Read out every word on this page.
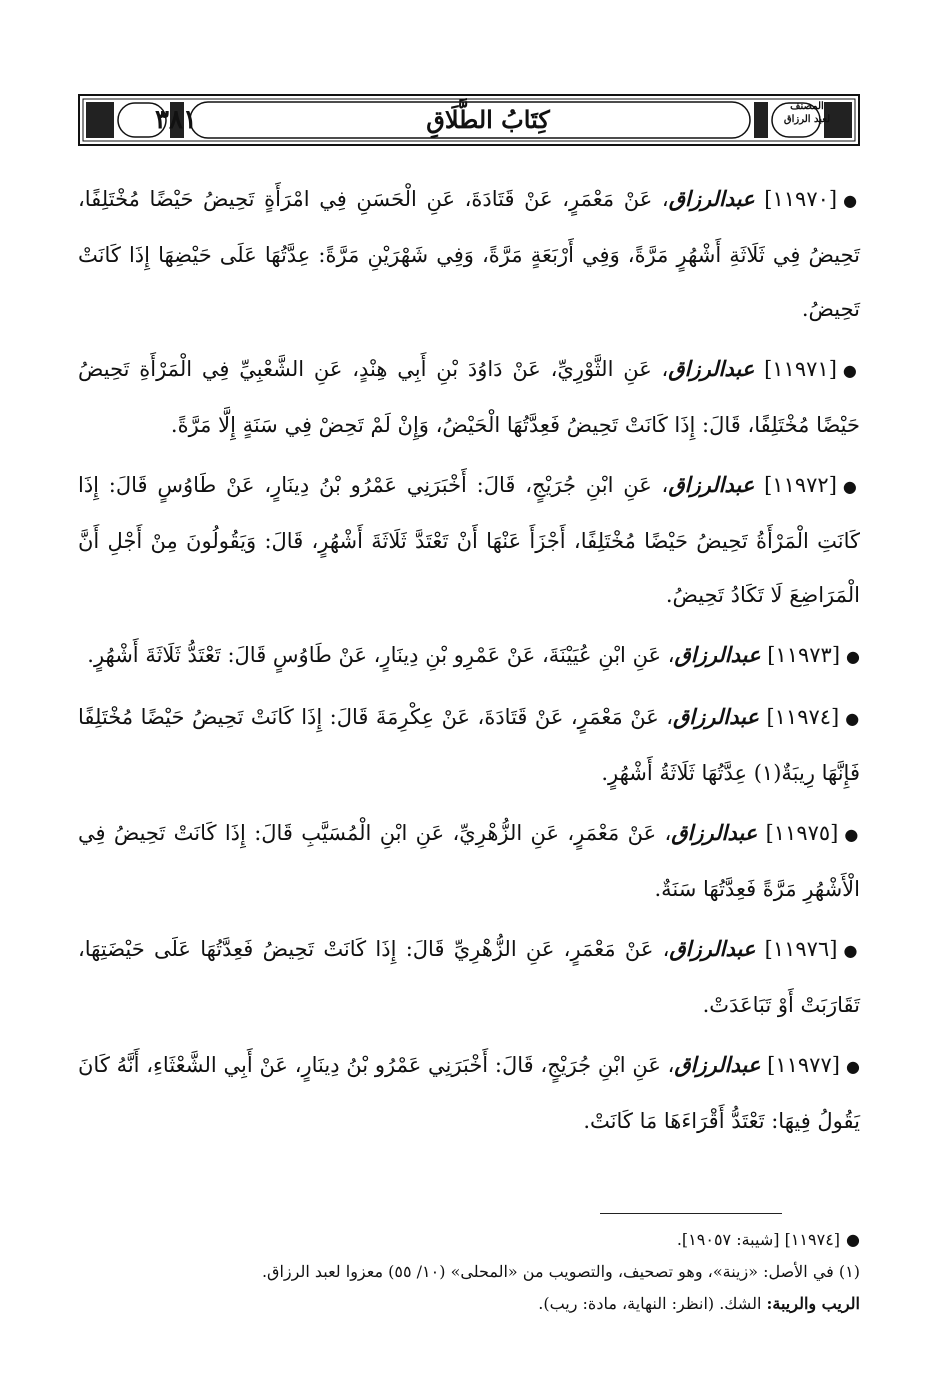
٣٨١	كِتَابُ الطَّلَاقِ	المصنف
لعبد الرزاق

●[١١٩٧٠] عبدالرزاق، عَنْ مَعْمَرٍ، عَنْ قَتَادَةَ، عَنِ الْحَسَنِ فِي امْرَأَةٍ تَحِيضُ حَيْضًا مُخْتَلِفًا، تَحِيضُ فِي ثَلَاثَةِ أَشْهُرٍ مَرَّةً، وَفِي أَرْبَعَةٍ مَرَّةً، وَفِي شَهْرَيْنِ مَرَّةً: عِدَّتُهَا عَلَى حَيْضِهَا إِذَا كَانَتْ تَحِيضُ.

●[١١٩٧١] عبدالرزاق، عَنِ الثَّوْرِيِّ، عَنْ دَاوُدَ بْنِ أَبِي هِنْدٍ، عَنِ الشَّعْبِيِّ فِي الْمَرْأَةِ تَحِيضُ حَيْضًا مُخْتَلِفًا، قَالَ: إِذَا كَانَتْ تَحِيضُ فَعِدَّتُهَا الْحَيْضُ، وَإِنْ لَمْ تَحِضْ فِي سَنَةٍ إِلَّا مَرَّةً.

●[١١٩٧٢] عبدالرزاق، عَنِ ابْنِ جُرَيْجٍ، قَالَ: أَخْبَرَنِي عَمْرُو بْنُ دِينَارٍ، عَنْ طَاوُسٍ قَالَ: إِذَا كَانَتِ الْمَرْأَةُ تَحِيضُ حَيْضًا مُخْتَلِفًا، أَجْزَأَ عَنْهَا أَنْ تَعْتَدَّ ثَلَاثَةَ أَشْهُرٍ، قَالَ: وَيَقُولُونَ مِنْ أَجْلِ أَنَّ الْمَرَاضِعَ لَا تَكَادُ تَحِيضُ.

●[١١٩٧٣] عبدالرزاق، عَنِ ابْنِ عُيَيْنَةَ، عَنْ عَمْرِو بْنِ دِينَارٍ، عَنْ طَاوُسٍ قَالَ: تَعْتَدُّ ثَلَاثَةَ أَشْهُرٍ.

●[١١٩٧٤] عبدالرزاق، عَنْ مَعْمَرٍ، عَنْ قَتَادَةَ، عَنْ عِكْرِمَةَ قَالَ: إِذَا كَانَتْ تَحِيضُ حَيْضًا مُخْتَلِفًا فَإِنَّهَا رِيبَةٌ(١) عِدَّتُهَا ثَلَاثَةُ أَشْهُرٍ.

●[١١٩٧٥] عبدالرزاق، عَنْ مَعْمَرٍ، عَنِ الزُّهْرِيِّ، عَنِ ابْنِ الْمُسَيَّبِ قَالَ: إِذَا كَانَتْ تَحِيضُ فِي الْأَشْهُرِ مَرَّةً فَعِدَّتُهَا سَنَةٌ.

●[١١٩٧٦] عبدالرزاق، عَنْ مَعْمَرٍ، عَنِ الزُّهْرِيِّ قَالَ: إِذَا كَانَتْ تَحِيضُ فَعِدَّتُهَا عَلَى حَيْضَتِهَا، تَقَارَبَتْ أَوْ تَبَاعَدَتْ.

●[١١٩٧٧] عبدالرزاق، عَنِ ابْنِ جُرَيْجٍ، قَالَ: أَخْبَرَنِي عَمْرُو بْنُ دِينَارٍ، عَنْ أَبِي الشَّعْثَاءِ، أَنَّهُ كَانَ يَقُولُ فِيهَا: تَعْتَدُّ أَقْرَاءَهَا مَا كَانَتْ.

●[١١٩٧٤] [شيبة: ١٩٠٥٧].
(١) في الأصل: «زينة»، وهو تصحيف، والتصويب من «المحلى» (١٠/ ٥٥) معزوا لعبد الرزاق.
الريب والريبة: الشك. (انظر: النهاية، مادة: ريب).
